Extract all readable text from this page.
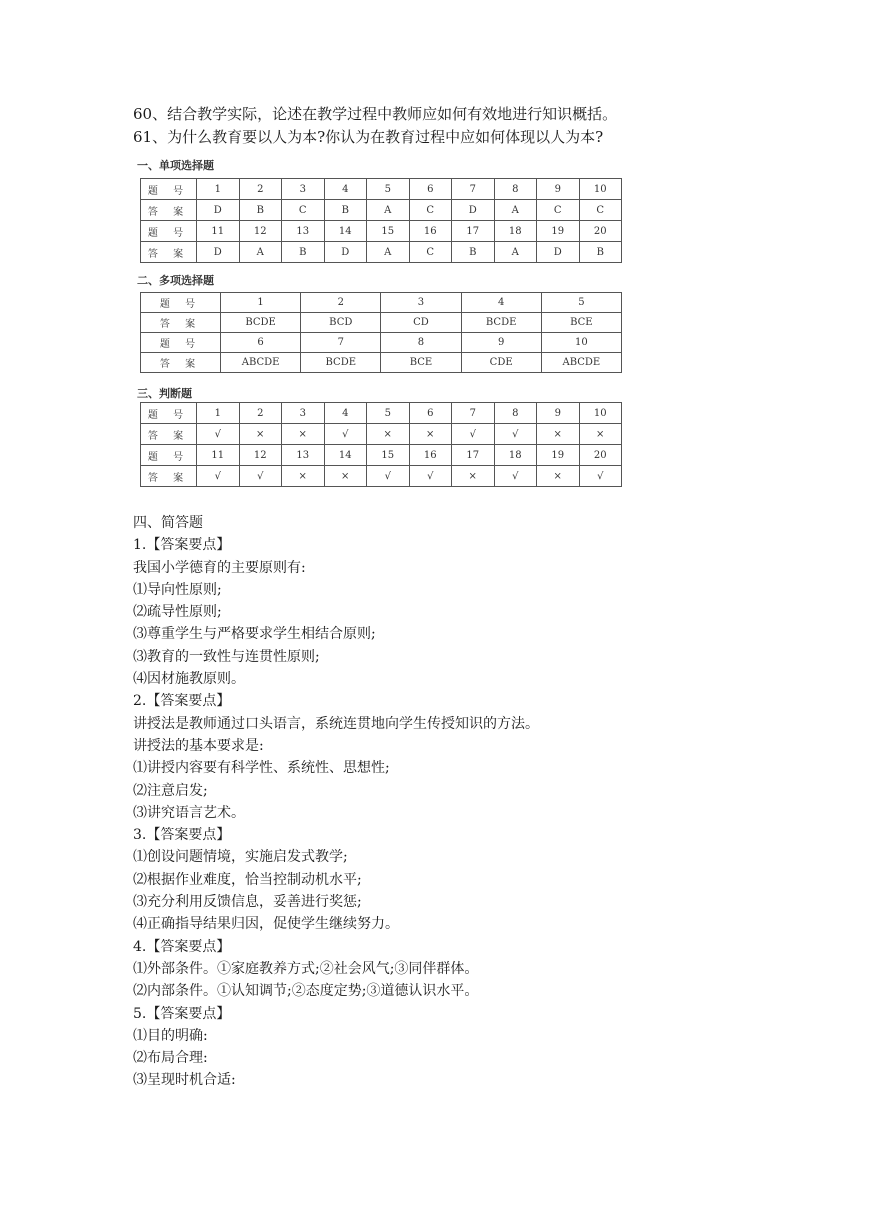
60、结合教学实际，论述在教学过程中教师应如何有效地进行知识概括。
61、为什么教育要以人为本?你认为在教育过程中应如何体现以人为本?
一、单项选择题
题 号	1	2	3	4	5	6	7	8	9	10
答 案	D	B	C	B	A	C	D	A	C	C
题 号	11	12	13	14	15	16	17	18	19	20
答 案	D	A	B	D	A	C	B	A	D	B
二、多项选择题
题 号	1	2	3	4	5
答 案	BCDE	BCD	CD	BCDE	BCE
题 号	6	7	8	9	10
答 案	ABCDE	BCDE	BCE	CDE	ABCDE
三、判断题
题 号	1	2	3	4	5	6	7	8	9	10
答 案	√	×	×	√	×	×	√	√	×	×
题 号	11	12	13	14	15	16	17	18	19	20
答 案	√	√	×	×	√	√	×	√	×	√
四、简答题
1.【答案要点】
我国小学德育的主要原则有:
⑴导向性原则;
⑵疏导性原则;
⑶尊重学生与严格要求学生相结合原则;
⑶教育的一致性与连贯性原则;
⑷因材施教原则。
2.【答案要点】
讲授法是教师通过口头语言，系统连贯地向学生传授知识的方法。
讲授法的基本要求是:
⑴讲授内容要有科学性、系统性、思想性;
⑵注意启发;
⑶讲究语言艺术。
3.【答案要点】
⑴创设问题情境，实施启发式教学;
⑵根据作业难度，恰当控制动机水平;
⑶充分利用反馈信息，妥善进行奖惩;
⑷正确指导结果归因，促使学生继续努力。
4.【答案要点】
⑴外部条件。①家庭教养方式;②社会风气;③同伴群体。
⑵内部条件。①认知调节;②态度定势;③道德认识水平。
5.【答案要点】
⑴目的明确:
⑵布局合理:
⑶呈现时机合适:
